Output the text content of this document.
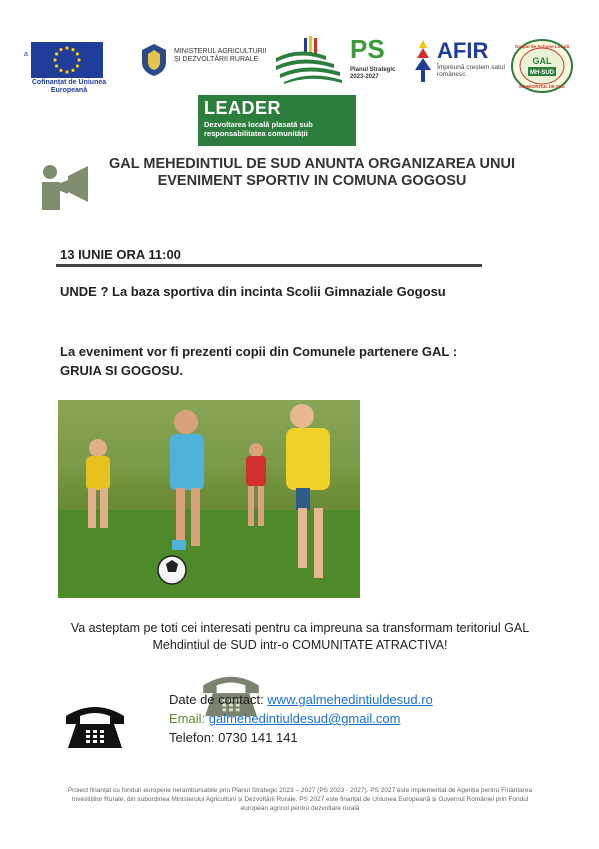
a
Cofinanțat de Uniunea Europeană
MINISTERUL AGRICULTURII ȘI DEZVOLTĂRII RURALE	PS
Planul Strategic 2023-2027
AFIR
Împreună creștem satul românesc
Grupul de Acțiune Locală
GAL
MH-SUD
MEHEDINTIUL DE SUD
LEADER
Dezvoltarea locală plasată sub responsabilitatea comunității
GAL MEHEDINTIUL DE SUD ANUNTA ORGANIZAREA UNUI EVENIMENT SPORTIV IN COMUNA GOGOSU
13 IUNIE ORA 11:00
UNDE ? La baza sportiva din incinta Scolii Gimnaziale Gogosu
La eveniment vor fi prezenti copii din Comunele partenere GAL : GRUIA SI GOGOSU.
Va asteptam pe toti cei interesati pentru ca impreuna sa transformam teritoriul GAL Mehdintiul de SUD intr-o COMUNITATE ATRACTIVA!
Date de contact: www.galmehedintiuldesud.ro
Email: galmehedintiuldesud@gmail.com
Telefon: 0730 141 141
Proiect finanțat cu fonduri europene nerambursabile prin Planul Strategic 2023 – 2027 (PS 2023 - 2027). PS 2027 este implementat de Agenția pentru Finanțarea Investițiilor Rurale, din subordinea Ministerului Agriculturii și Dezvoltării Rurale. PS 2027 este finanțat de Uniunea Europeană și Guvernul României prin Fondul european agricol pentru dezvoltare rurală
